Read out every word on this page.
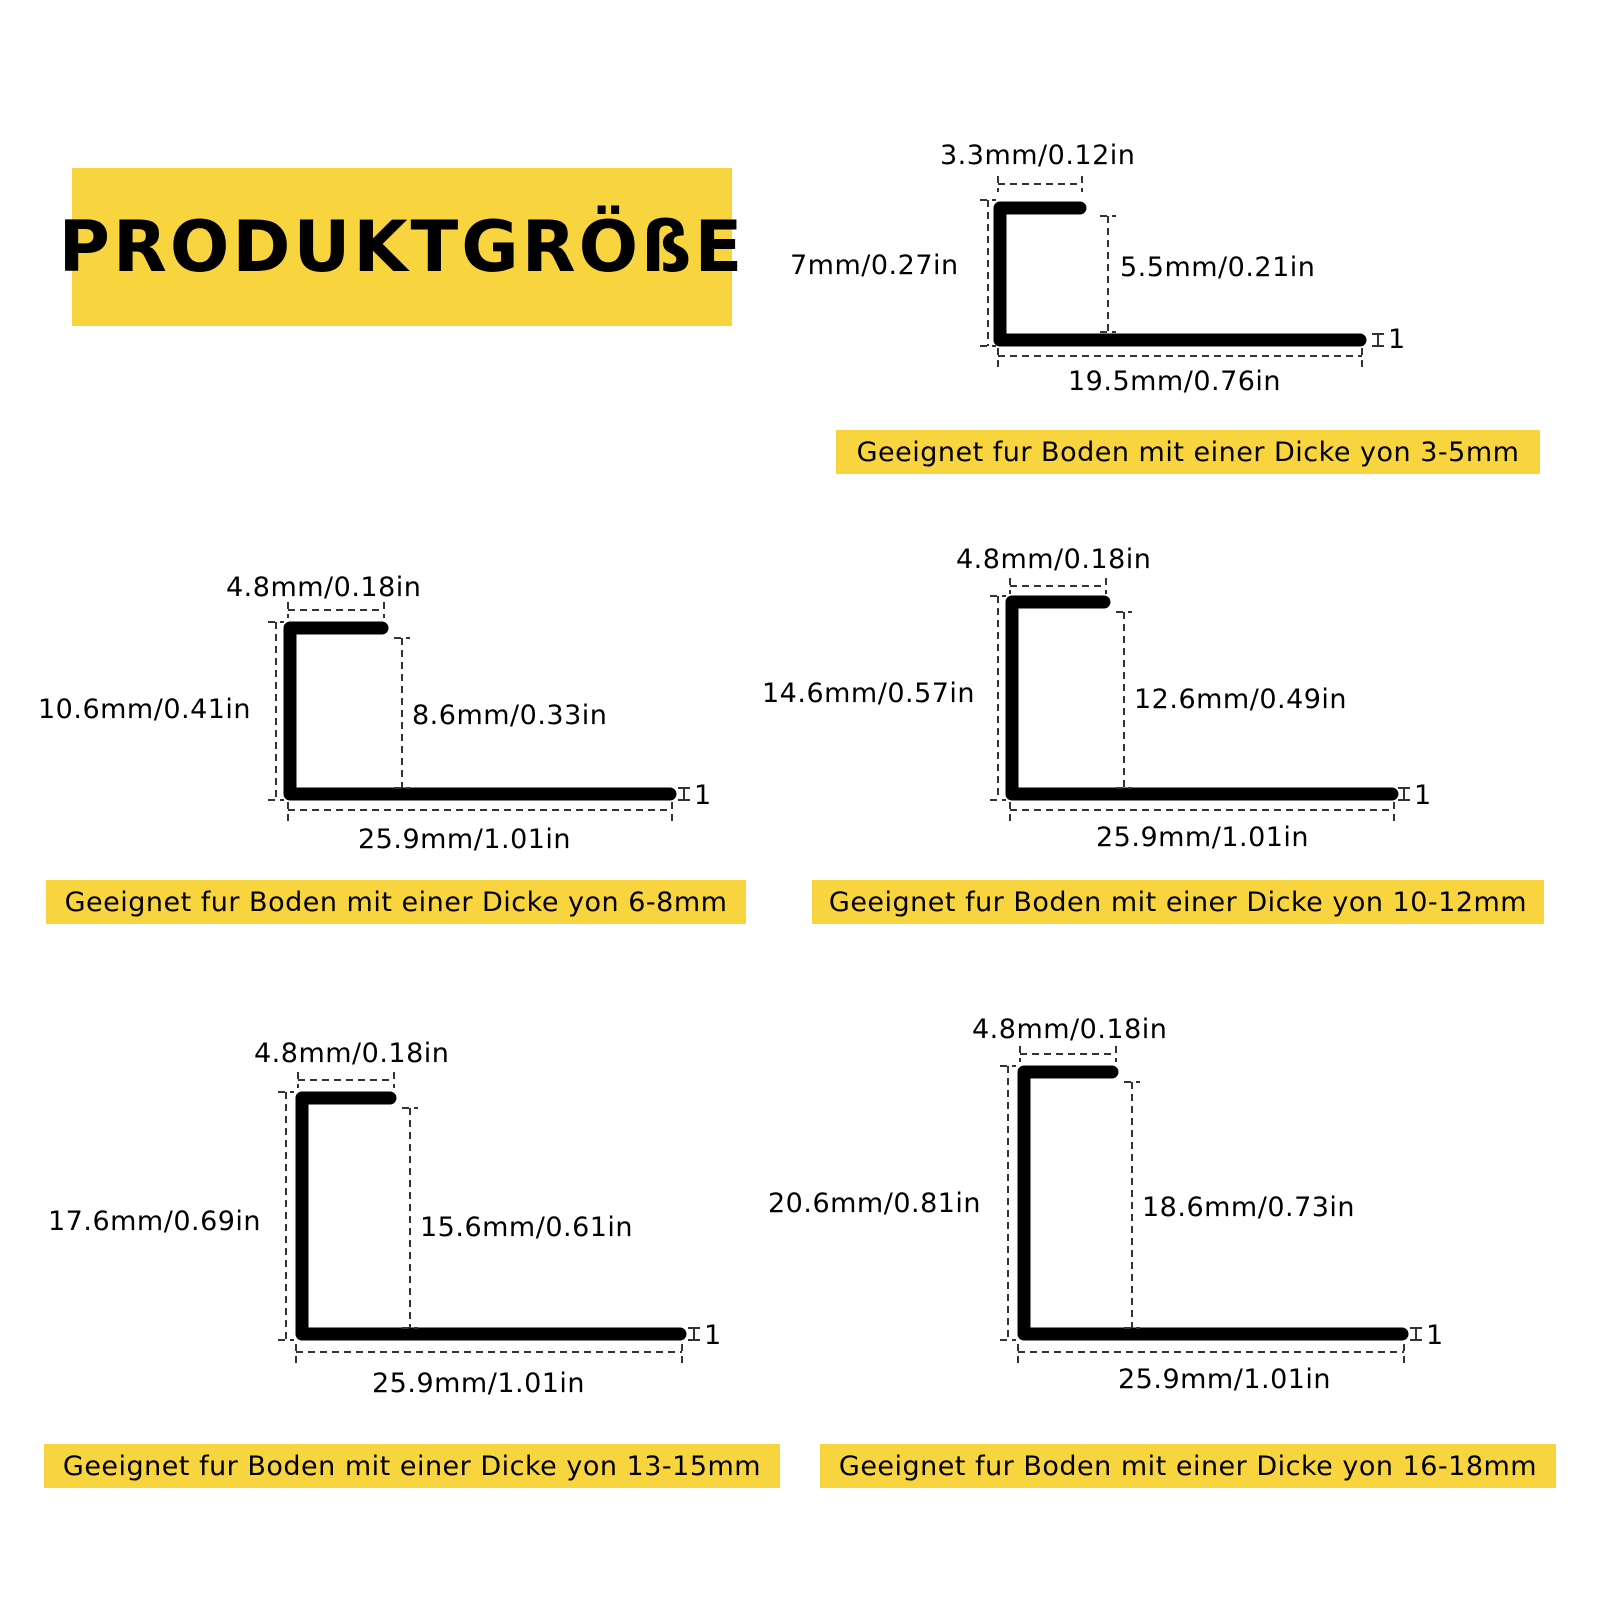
PRODUKTGRÖßE
3.3mm/0.12in
7mm/0.27in	5.5mm/0.21in
1
19.5mm/0.76in
Geeignet fur Boden mit einer Dicke yon 3-5mm
4.8mm/0.18in
10.6mm/0.41in	8.6mm/0.33in
1
25.9mm/1.01in
Geeignet fur Boden mit einer Dicke yon 6-8mm
4.8mm/0.18in
14.6mm/0.57in	12.6mm/0.49in
1
25.9mm/1.01in
Geeignet fur Boden mit einer Dicke yon 10-12mm
4.8mm/0.18in
17.6mm/0.69in	15.6mm/0.61in
1
25.9mm/1.01in
Geeignet fur Boden mit einer Dicke yon 13-15mm
4.8mm/0.18in
20.6mm/0.81in	18.6mm/0.73in
1
25.9mm/1.01in
Geeignet fur Boden mit einer Dicke yon 16-18mm
